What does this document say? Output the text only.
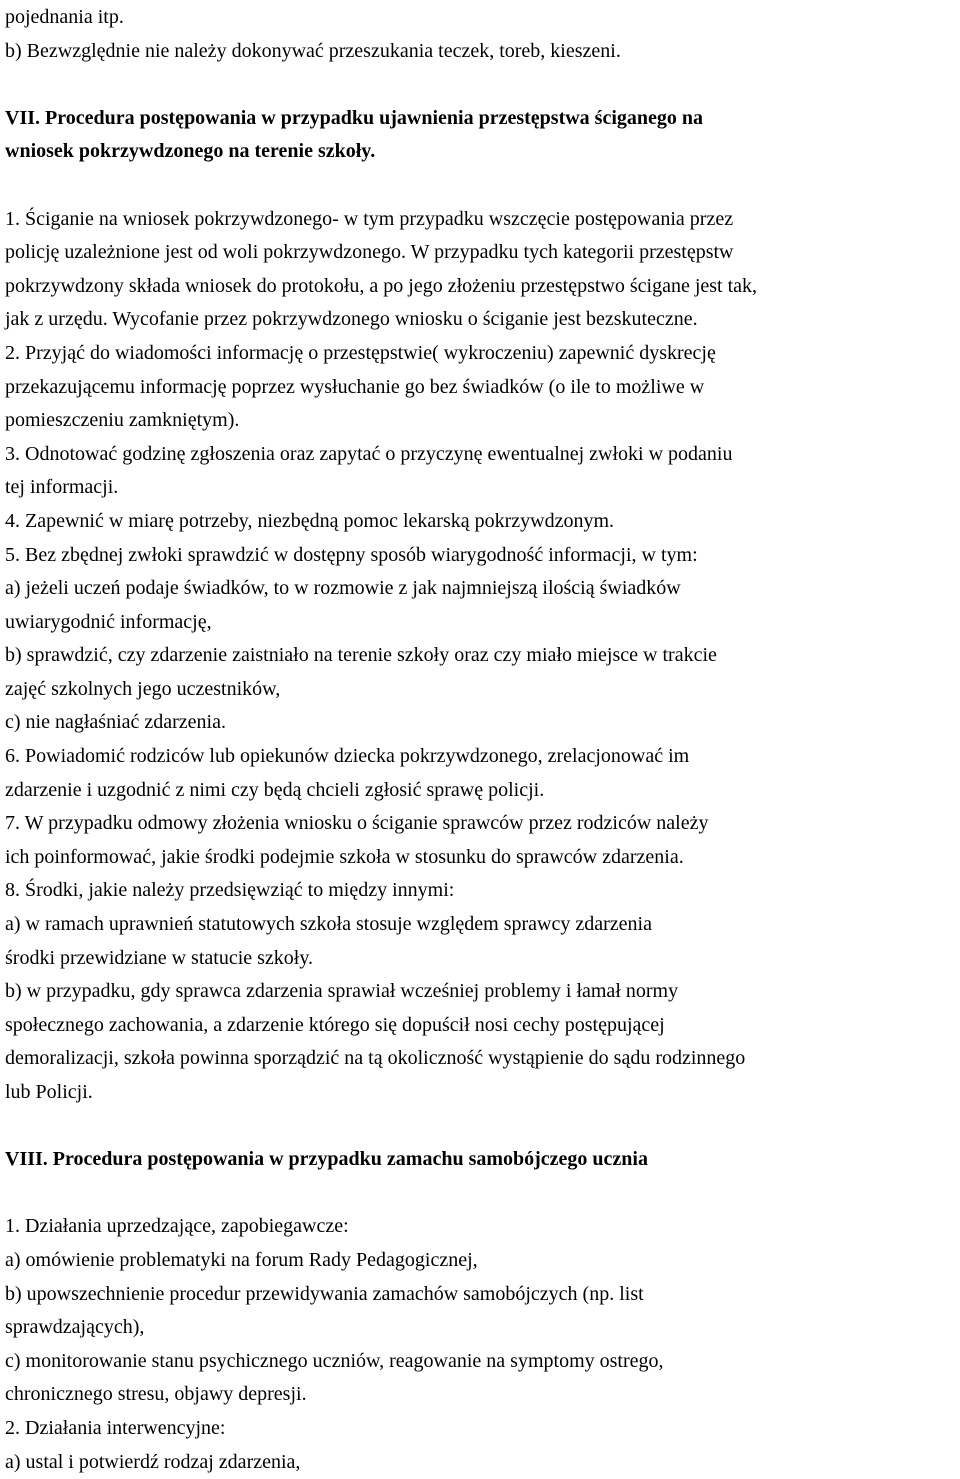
pojednania itp.
b) Bezwzględnie nie należy dokonywać przeszukania teczek, toreb, kieszeni.
VII. Procedura postępowania w przypadku ujawnienia przestępstwa ściganego na
wniosek pokrzywdzonego na terenie szkoły.
1. Ściganie na wniosek pokrzywdzonego- w tym przypadku wszczęcie postępowania przez
policję uzależnione jest od woli pokrzywdzonego. W przypadku tych kategorii przestępstw
pokrzywdzony składa wniosek do protokołu, a po jego złożeniu przestępstwo ścigane jest tak,
jak z urzędu. Wycofanie przez pokrzywdzonego wniosku o ściganie jest bezskuteczne.
2. Przyjąć do wiadomości informację o przestępstwie( wykroczeniu) zapewnić dyskrecję
przekazującemu informację poprzez wysłuchanie go bez świadków (o ile to możliwe w
pomieszczeniu zamkniętym).
3. Odnotować godzinę zgłoszenia oraz zapytać o przyczynę ewentualnej zwłoki w podaniu
tej informacji.
4. Zapewnić w miarę potrzeby, niezbędną pomoc lekarską pokrzywdzonym.
5. Bez zbędnej zwłoki sprawdzić w dostępny sposób wiarygodność informacji, w tym:
a) jeżeli uczeń podaje świadków, to w rozmowie z jak najmniejszą ilością świadków
uwiarygodnić informację,
b) sprawdzić, czy zdarzenie zaistniało na terenie szkoły oraz czy miało miejsce w trakcie
zajęć szkolnych jego uczestników,
c) nie nagłaśniać zdarzenia.
6. Powiadomić rodziców lub opiekunów dziecka pokrzywdzonego, zrelacjonować im
zdarzenie i uzgodnić z nimi czy będą chcieli zgłosić sprawę policji.
7. W przypadku odmowy złożenia wniosku o ściganie sprawców przez rodziców należy
ich poinformować, jakie środki podejmie szkoła w stosunku do sprawców zdarzenia.
8. Środki, jakie należy przedsięwziąć to między innymi:
a) w ramach uprawnień statutowych szkoła stosuje względem sprawcy zdarzenia
środki przewidziane w statucie szkoły.
b) w przypadku, gdy sprawca zdarzenia sprawiał wcześniej problemy i łamał normy
społecznego zachowania, a zdarzenie którego się dopuścił nosi cechy postępującej
demoralizacji, szkoła powinna sporządzić na tą okoliczność wystąpienie do sądu rodzinnego
lub Policji.
VIII. Procedura postępowania w przypadku zamachu samobójczego ucznia
1. Działania uprzedzające, zapobiegawcze:
a) omówienie problematyki na forum Rady Pedagogicznej,
b) upowszechnienie procedur przewidywania zamachów samobójczych (np. list
sprawdzających),
c) monitorowanie stanu psychicznego uczniów, reagowanie na symptomy ostrego,
chronicznego stresu, objawy depresji.
2. Działania interwencyjne:
a) ustal i potwierdź rodzaj zdarzenia,
